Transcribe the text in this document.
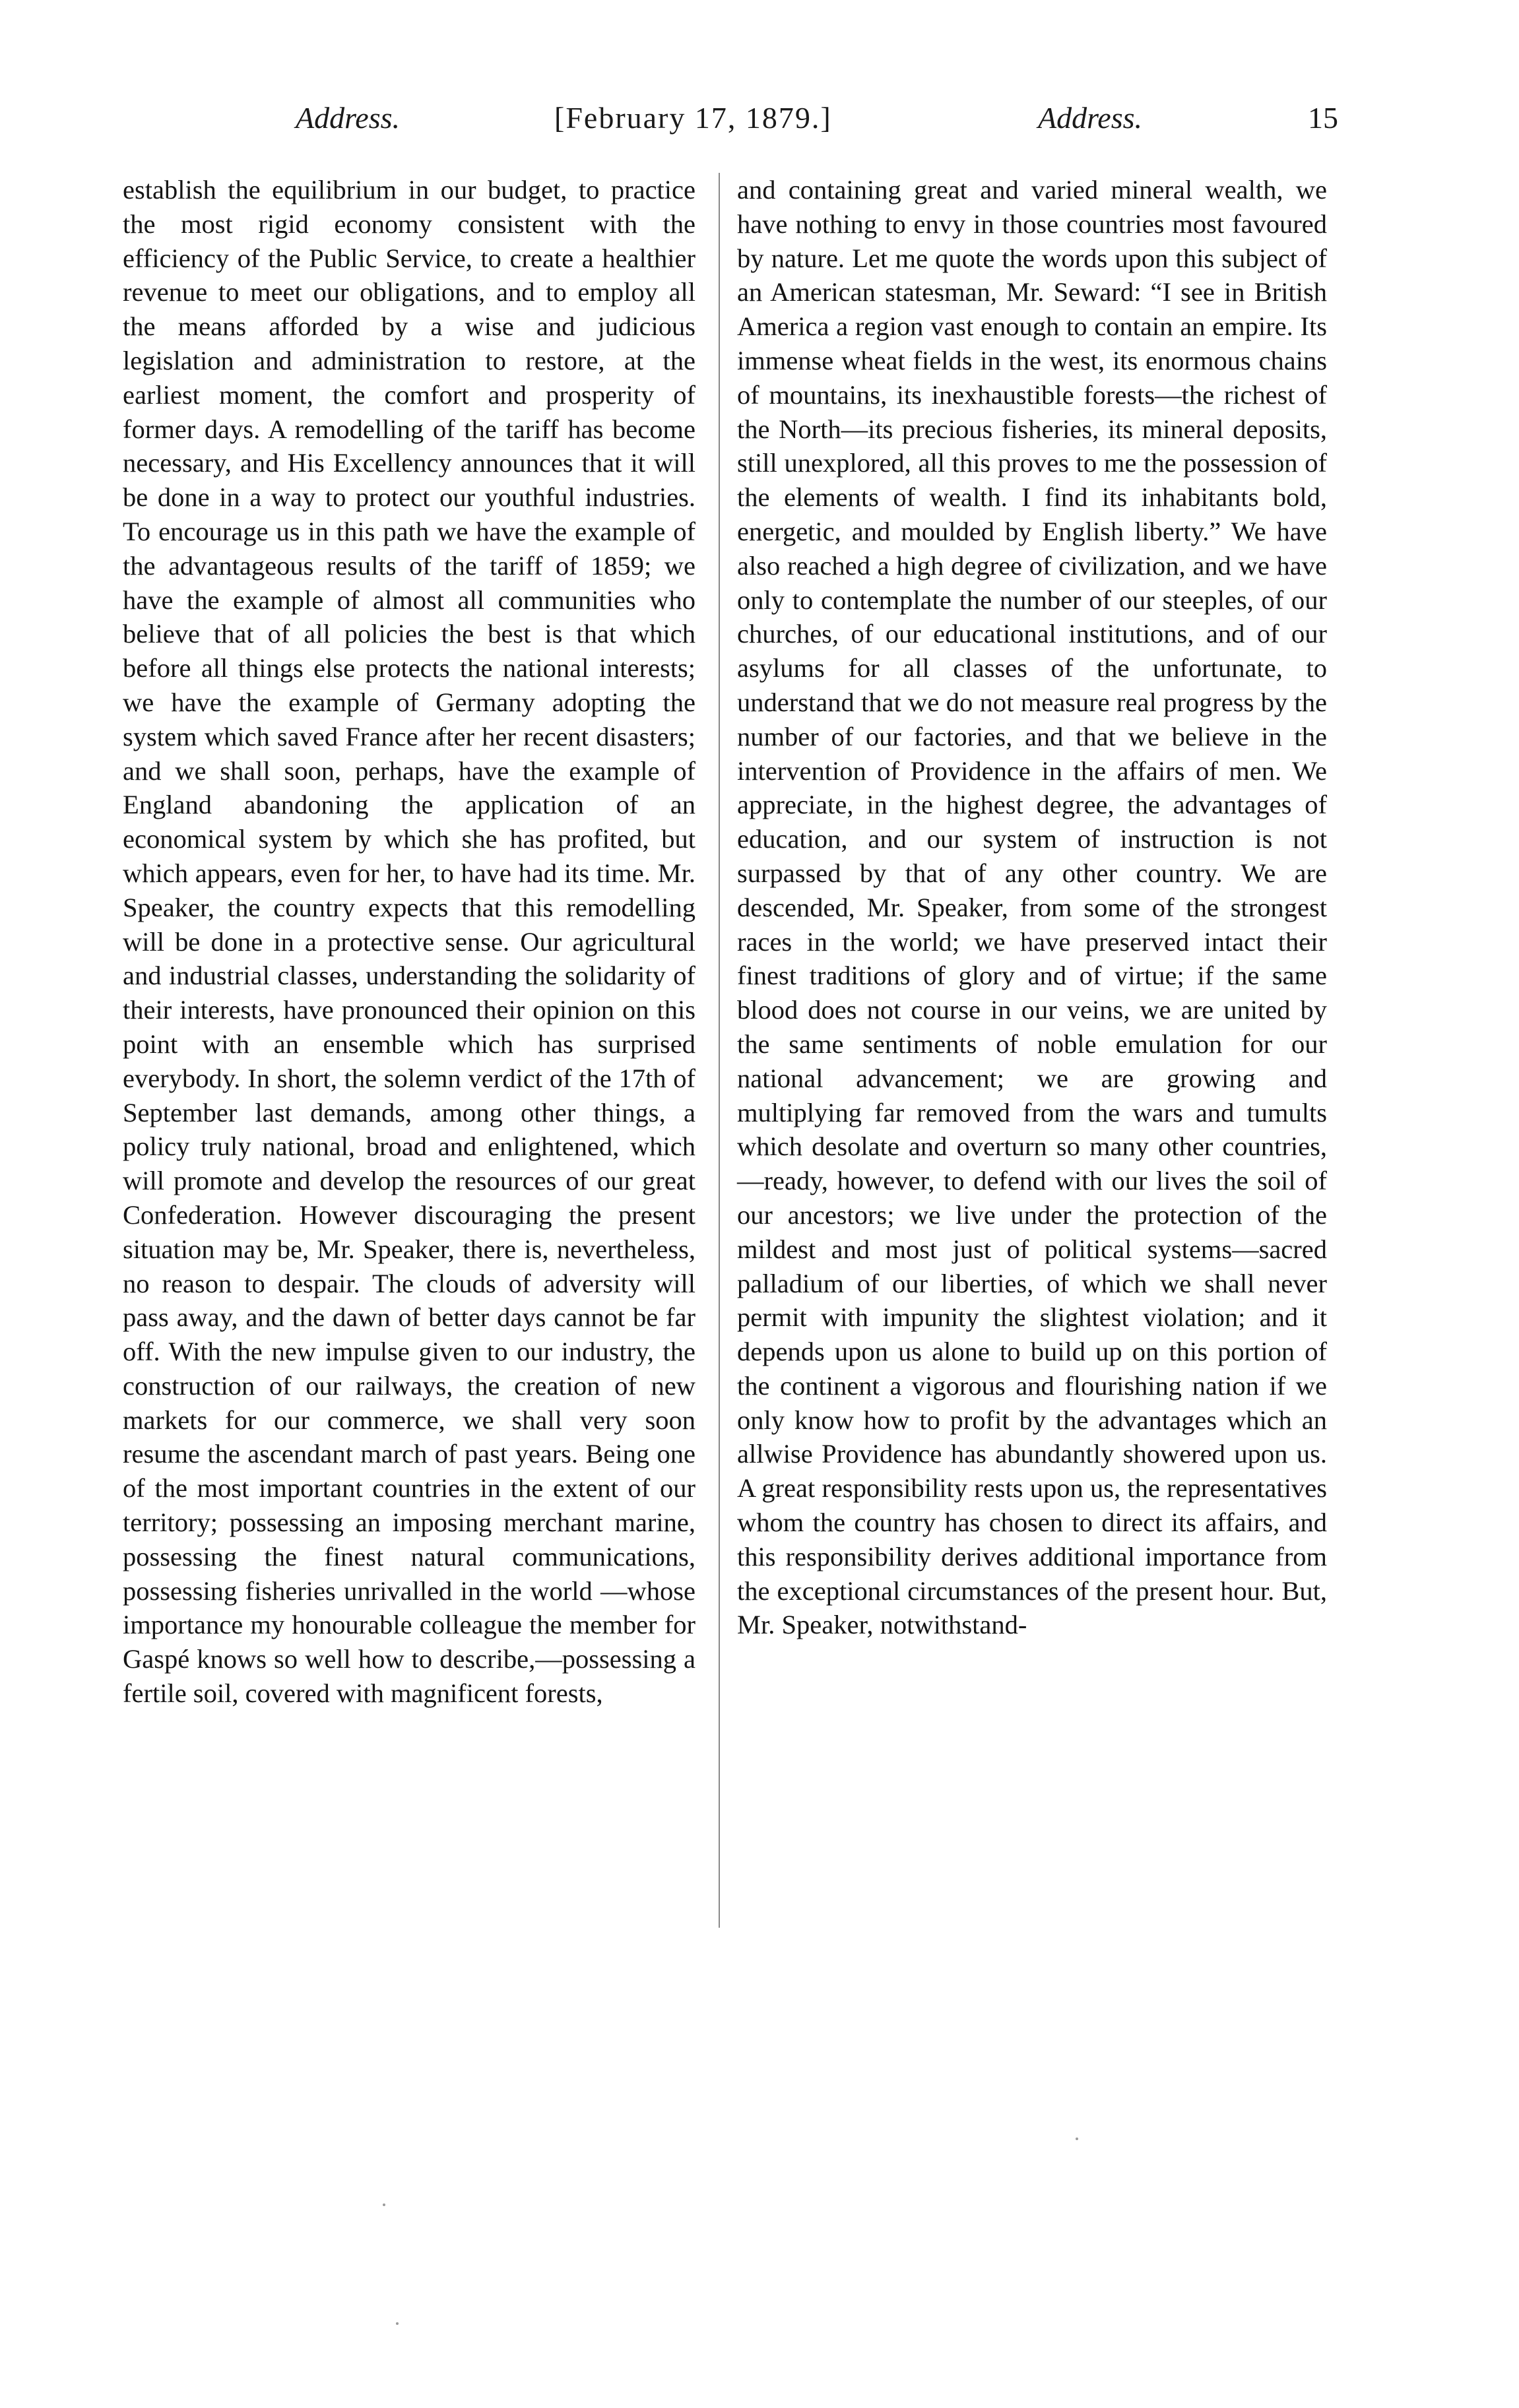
Address.	[February 17, 1879.]	Address.	15

establish the equilibrium in our budget, to practice the most rigid economy consistent with the efficiency of the Public Service, to create a healthier revenue to meet our obligations, and to employ all the means afforded by a wise and judicious legislation and administration to restore, at the earliest moment, the comfort and prosperity of former days. A remodelling of the tariff has become necessary, and His Excellency announces that it will be done in a way to protect our youthful industries. To encourage us in this path we have the example of the advantageous results of the tariff of 1859; we have the example of almost all communities who believe that of all policies the best is that which before all things else protects the national interests; we have the example of Germany adopting the system which saved France after her recent disasters; and we shall soon, perhaps, have the example of England abandoning the application of an economical system by which she has profited, but which appears, even for her, to have had its time. Mr. Speaker, the country expects that this remodelling will be done in a protective sense. Our agricultural and industrial classes, understanding the solidarity of their interests, have pronounced their opinion on this point with an ensemble which has surprised everybody. In short, the solemn verdict of the 17th of September last demands, among other things, a policy truly national, broad and enlightened, which will promote and develop the resources of our great Confederation. However discouraging the present situation may be, Mr. Speaker, there is, nevertheless, no reason to despair. The clouds of adversity will pass away, and the dawn of better days cannot be far off. With the new impulse given to our industry, the construction of our railways, the creation of new markets for our commerce, we shall very soon resume the ascendant march of past years. Being one of the most important countries in the extent of our territory; possessing an imposing merchant marine, possessing the finest natural communications, possessing fisheries unrivalled in the world —whose importance my honourable colleague the member for Gaspé knows so well how to describe,—possessing a fertile soil, covered with magnificent forests,

and containing great and varied mineral wealth, we have nothing to envy in those countries most favoured by nature. Let me quote the words upon this subject of an American statesman, Mr. Seward: “I see in British America a region vast enough to contain an empire. Its immense wheat fields in the west, its enormous chains of mountains, its inexhaustible forests—the richest of the North—its precious fisheries, its mineral deposits, still unexplored, all this proves to me the possession of the elements of wealth. I find its inhabitants bold, energetic, and moulded by English liberty.” We have also reached a high degree of civilization, and we have only to contemplate the number of our steeples, of our churches, of our educational institutions, and of our asylums for all classes of the unfortunate, to understand that we do not measure real progress by the number of our factories, and that we believe in the intervention of Providence in the affairs of men. We appreciate, in the highest degree, the advantages of education, and our system of instruction is not surpassed by that of any other country. We are descended, Mr. Speaker, from some of the strongest races in the world; we have preserved intact their finest traditions of glory and of virtue; if the same blood does not course in our veins, we are united by the same sentiments of noble emulation for our national advancement; we are growing and multiplying far removed from the wars and tumults which desolate and overturn so many other countries,—ready, however, to defend with our lives the soil of our ancestors; we live under the protection of the mildest and most just of political systems—sacred palladium of our liberties, of which we shall never permit with impunity the slightest violation; and it depends upon us alone to build up on this portion of the continent a vigorous and flourishing nation if we only know how to profit by the advantages which an allwise Providence has abundantly showered upon us. A great responsibility rests upon us, the representatives whom the country has chosen to direct its affairs, and this responsibility derives additional importance from the exceptional circumstances of the present hour. But, Mr. Speaker, notwithstand-
